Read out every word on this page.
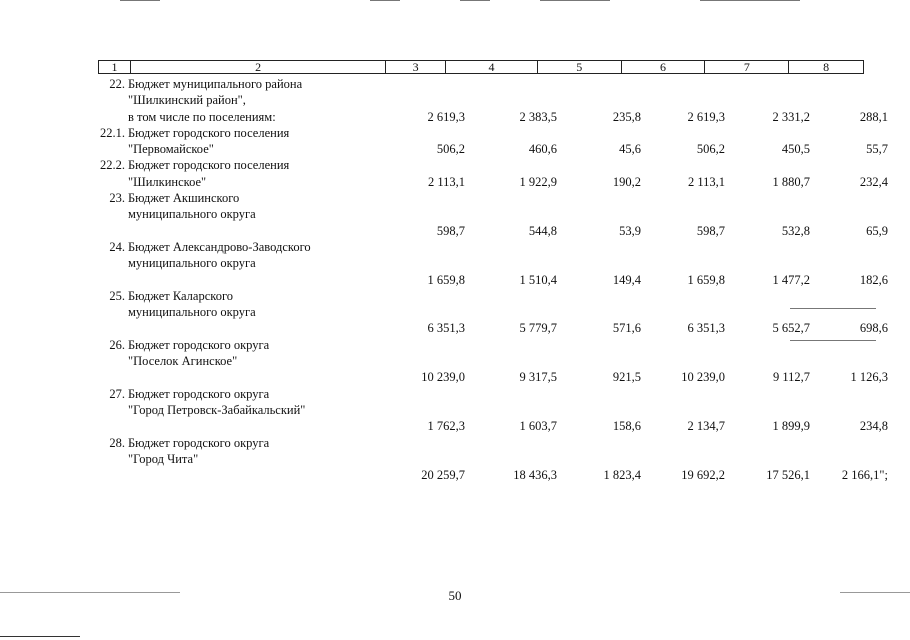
1	2	3	4	5	6	7	8
22. Бюджет муниципального района
"Шилкинский район",
в том числе по поселениям:	2 619,3	2 383,5	235,8	2 619,3	2 331,2	288,1
22.1. Бюджет городского поселения
"Первомайское"	506,2	460,6	45,6	506,2	450,5	55,7
22.2. Бюджет городского поселения
"Шилкинское"	2 113,1	1 922,9	190,2	2 113,1	1 880,7	232,4
23. Бюджет Акшинского
муниципального округа
598,7	544,8	53,9	598,7	532,8	65,9
24. Бюджет Александрово-Заводского
муниципального округа
1 659,8	1 510,4	149,4	1 659,8	1 477,2	182,6
25. Бюджет Каларского
муниципального округа
6 351,3	5 779,7	571,6	6 351,3	5 652,7	698,6
26. Бюджет городского округа
"Поселок Агинское"
10 239,0	9 317,5	921,5	10 239,0	9 112,7	1 126,3
27. Бюджет городского округа
"Город Петровск-Забайкальский"
1 762,3	1 603,7	158,6	2 134,7	1 899,9	234,8
28. Бюджет городского округа
"Город Чита"
20 259,7	18 436,3	1 823,4	19 692,2	17 526,1	2 166,1";
50
